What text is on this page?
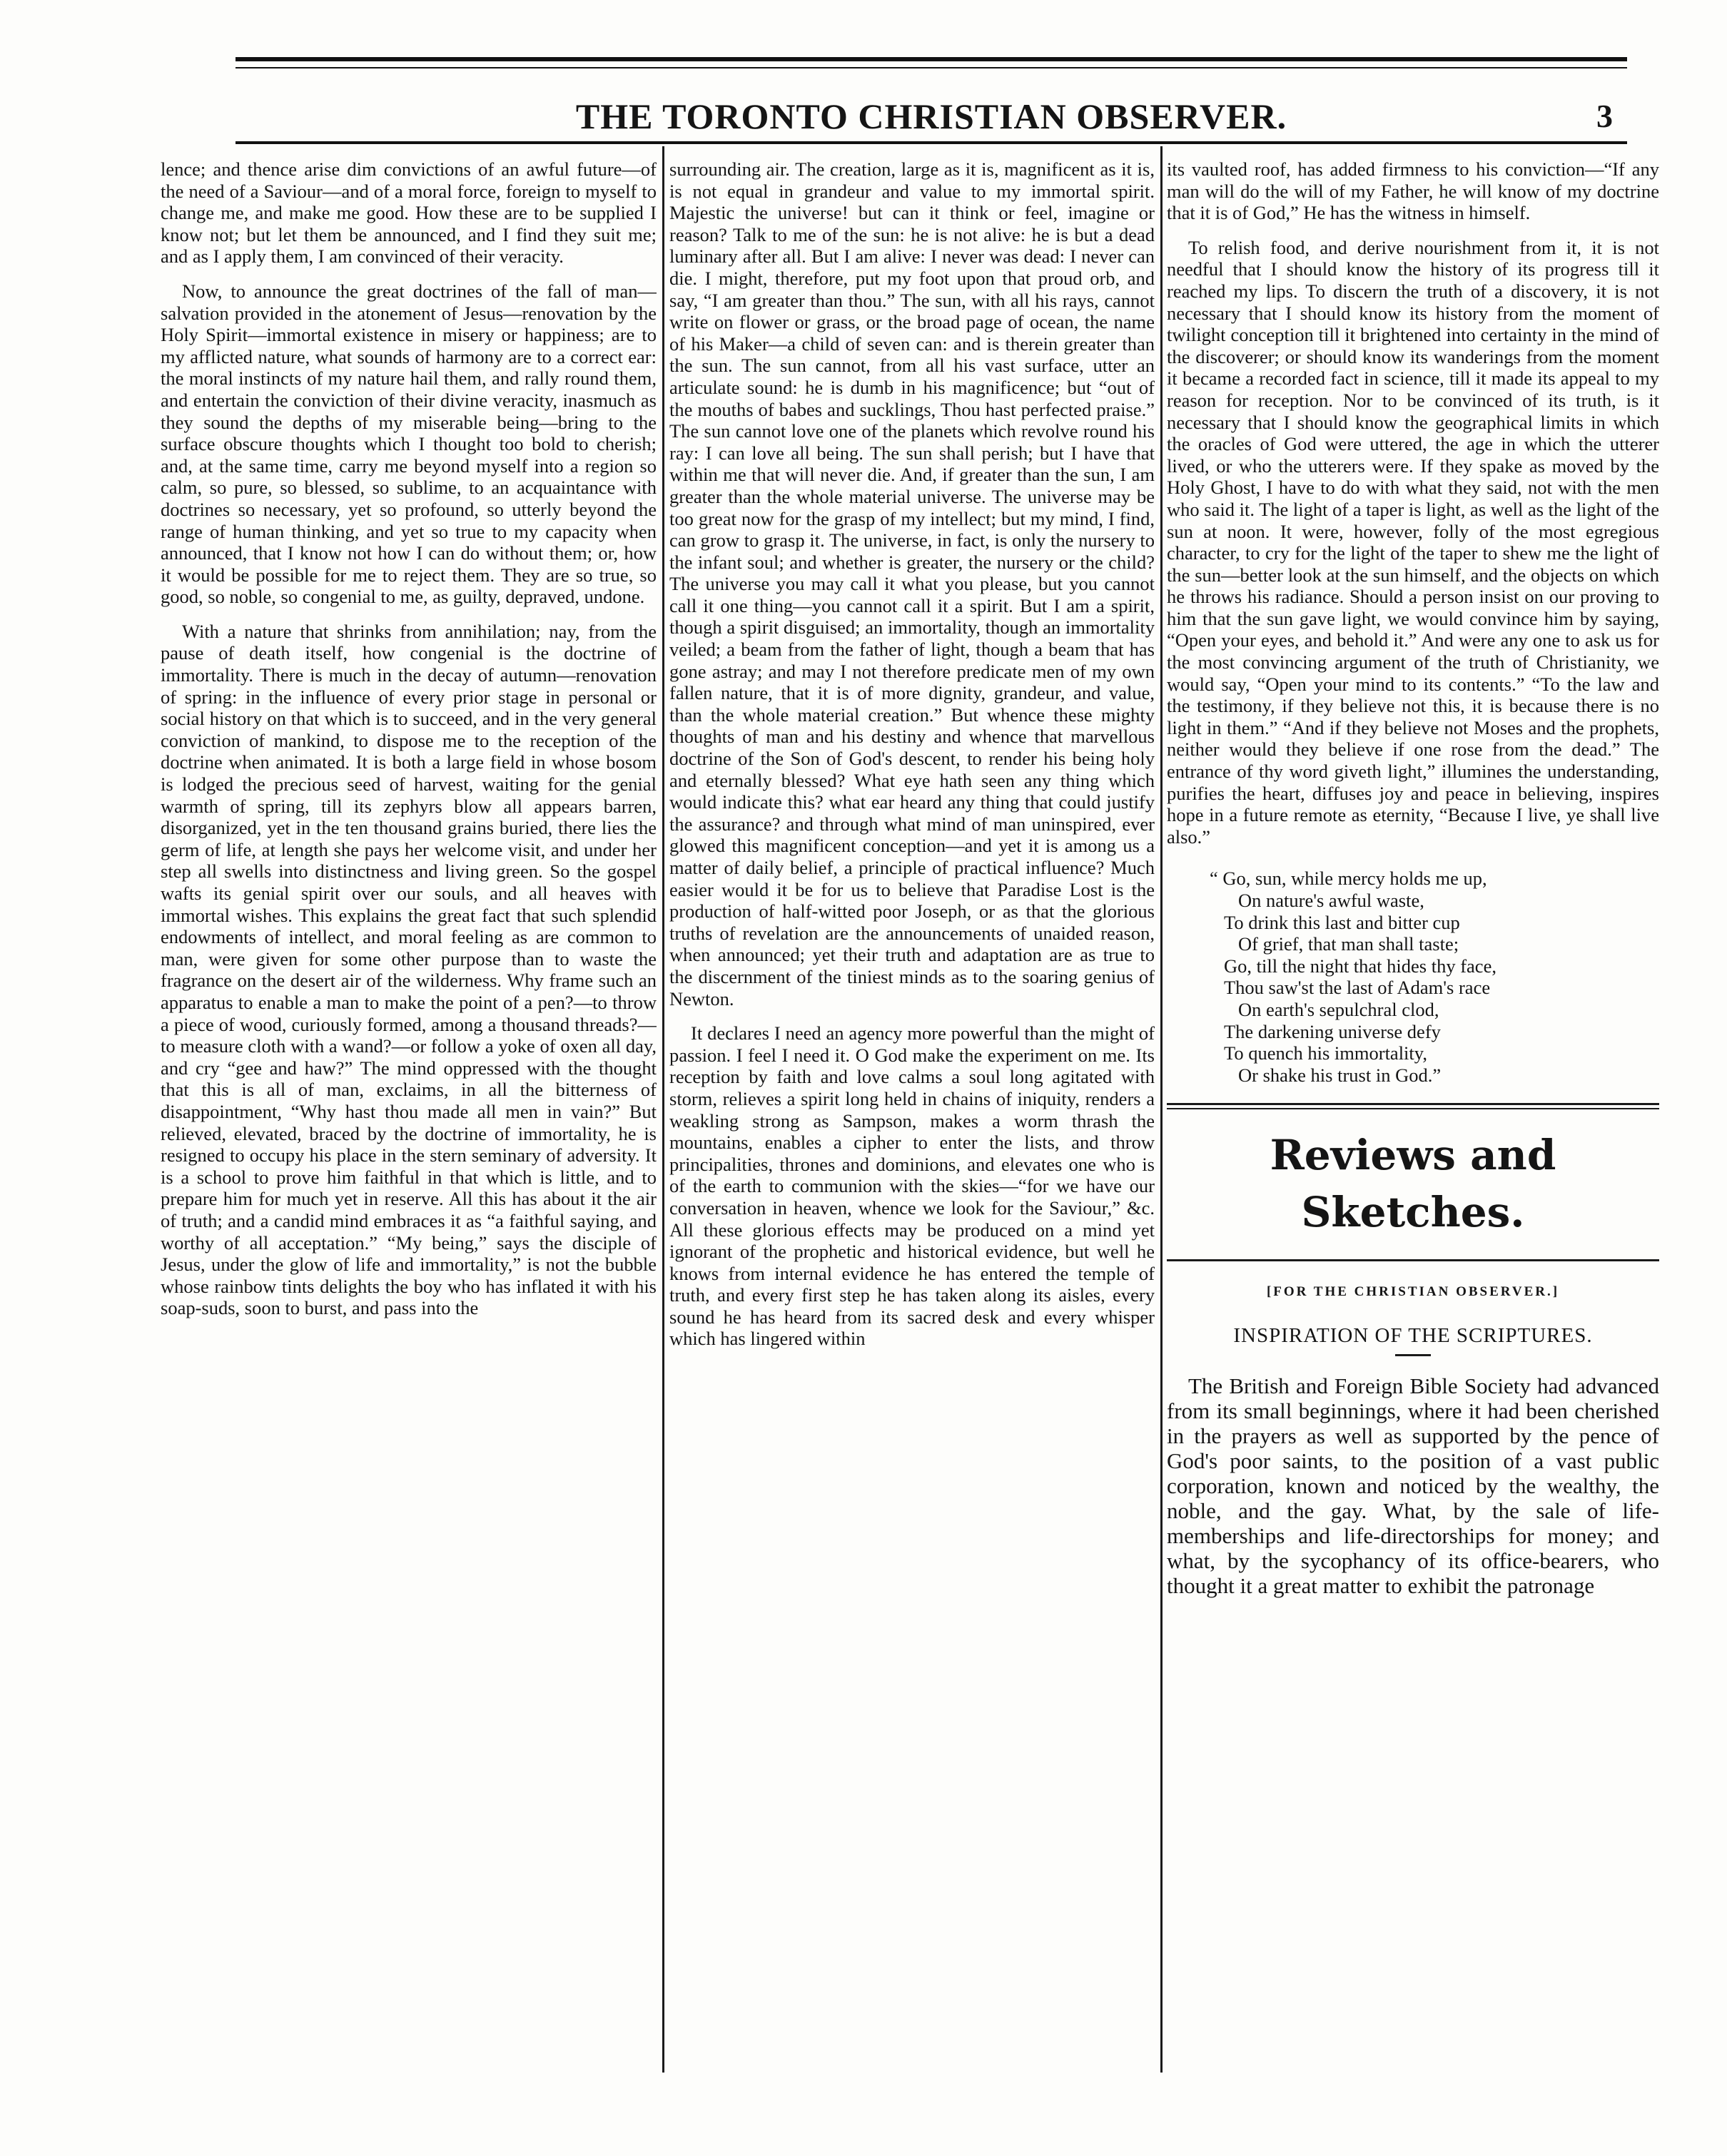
THE TORONTO CHRISTIAN OBSERVER.	3

lence; and thence arise dim convictions of an awful future—of the need of a Saviour—and of a moral force, foreign to myself to change me, and make me good. How these are to be supplied I know not; but let them be announced, and I find they suit me; and as I apply them, I am convinced of their veracity.

Now, to announce the great doctrines of the fall of man—salvation provided in the atonement of Jesus—renovation by the Holy Spirit—immortal existence in misery or happiness; are to my afflicted nature, what sounds of harmony are to a correct ear: the moral instincts of my nature hail them, and rally round them, and entertain the conviction of their divine veracity, inasmuch as they sound the depths of my miserable being—bring to the surface obscure thoughts which I thought too bold to cherish; and, at the same time, carry me beyond myself into a region so calm, so pure, so blessed, so sublime, to an acquaintance with doctrines so necessary, yet so profound, so utterly beyond the range of human thinking, and yet so true to my capacity when announced, that I know not how I can do without them; or, how it would be possible for me to reject them. They are so true, so good, so noble, so congenial to me, as guilty, depraved, undone.

With a nature that shrinks from annihilation; nay, from the pause of death itself, how congenial is the doctrine of immortality. There is much in the decay of autumn—renovation of spring: in the influence of every prior stage in personal or social history on that which is to succeed, and in the very general conviction of mankind, to dispose me to the reception of the doctrine when animated. It is both a large field in whose bosom is lodged the precious seed of harvest, waiting for the genial warmth of spring, till its zephyrs blow all appears barren, disorganized, yet in the ten thousand grains buried, there lies the germ of life, at length she pays her welcome visit, and under her step all swells into distinctness and living green. So the gospel wafts its genial spirit over our souls, and all heaves with immortal wishes. This explains the great fact that such splendid endowments of intellect, and moral feeling as are common to man, were given for some other purpose than to waste the fragrance on the desert air of the wilderness. Why frame such an apparatus to enable a man to make the point of a pen?—to throw a piece of wood, curiously formed, among a thousand threads?—to measure cloth with a wand?—or follow a yoke of oxen all day, and cry “gee and haw?” The mind oppressed with the thought that this is all of man, exclaims, in all the bitterness of disappointment, “Why hast thou made all men in vain?” But relieved, elevated, braced by the doctrine of immortality, he is resigned to occupy his place in the stern seminary of adversity. It is a school to prove him faithful in that which is little, and to prepare him for much yet in reserve. All this has about it the air of truth; and a candid mind embraces it as “a faithful saying, and worthy of all acceptation.” “My being,” says the disciple of Jesus, under the glow of life and immortality,” is not the bubble whose rainbow tints delights the boy who has inflated it with his soap-suds, soon to burst, and pass into the

surrounding air. The creation, large as it is, magnificent as it is, is not equal in grandeur and value to my immortal spirit. Majestic the universe! but can it think or feel, imagine or reason? Talk to me of the sun: he is not alive: he is but a dead luminary after all. But I am alive: I never was dead: I never can die. I might, therefore, put my foot upon that proud orb, and say, “I am greater than thou.” The sun, with all his rays, cannot write on flower or grass, or the broad page of ocean, the name of his Maker—a child of seven can: and is therein greater than the sun. The sun cannot, from all his vast surface, utter an articulate sound: he is dumb in his magnificence; but “out of the mouths of babes and sucklings, Thou hast perfected praise.” The sun cannot love one of the planets which revolve round his ray: I can love all being. The sun shall perish; but I have that within me that will never die. And, if greater than the sun, I am greater than the whole material universe. The universe may be too great now for the grasp of my intellect; but my mind, I find, can grow to grasp it. The universe, in fact, is only the nursery to the infant soul; and whether is greater, the nursery or the child? The universe you may call it what you please, but you cannot call it one thing—you cannot call it a spirit. But I am a spirit, though a spirit disguised; an immortality, though an immortality veiled; a beam from the father of light, though a beam that has gone astray; and may I not therefore predicate men of my own fallen nature, that it is of more dignity, grandeur, and value, than the whole material creation.” But whence these mighty thoughts of man and his destiny and whence that marvellous doctrine of the Son of God's descent, to render his being holy and eternally blessed? What eye hath seen any thing which would indicate this? what ear heard any thing that could justify the assurance? and through what mind of man uninspired, ever glowed this magnificent conception—and yet it is among us a matter of daily belief, a principle of practical influence? Much easier would it be for us to believe that Paradise Lost is the production of half-witted poor Joseph, or as that the glorious truths of revelation are the announcements of unaided reason, when announced; yet their truth and adaptation are as true to the discernment of the tiniest minds as to the soaring genius of Newton.

It declares I need an agency more powerful than the might of passion. I feel I need it. O God make the experiment on me. Its reception by faith and love calms a soul long agitated with storm, relieves a spirit long held in chains of iniquity, renders a weakling strong as Sampson, makes a worm thrash the mountains, enables a cipher to enter the lists, and throw principalities, thrones and dominions, and elevates one who is of the earth to communion with the skies—“for we have our conversation in heaven, whence we look for the Saviour,” &c. All these glorious effects may be produced on a mind yet ignorant of the prophetic and historical evidence, but well he knows from internal evidence he has entered the temple of truth, and every first step he has taken along its aisles, every sound he has heard from its sacred desk and every whisper which has lingered within

its vaulted roof, has added firmness to his conviction—“If any man will do the will of my Father, he will know of my doctrine that it is of God,” He has the witness in himself.

To relish food, and derive nourishment from it, it is not needful that I should know the history of its progress till it reached my lips. To discern the truth of a discovery, it is not necessary that I should know its history from the moment of twilight conception till it brightened into certainty in the mind of the discoverer; or should know its wanderings from the moment it became a recorded fact in science, till it made its appeal to my reason for reception. Nor to be convinced of its truth, is it necessary that I should know the geographical limits in which the oracles of God were uttered, the age in which the utterer lived, or who the utterers were. If they spake as moved by the Holy Ghost, I have to do with what they said, not with the men who said it. The light of a taper is light, as well as the light of the sun at noon. It were, however, folly of the most egregious character, to cry for the light of the taper to shew me the light of the sun—better look at the sun himself, and the objects on which he throws his radiance. Should a person insist on our proving to him that the sun gave light, we would convince him by saying, “Open your eyes, and behold it.” And were any one to ask us for the most convincing argument of the truth of Christianity, we would say, “Open your mind to its contents.” “To the law and the testimony, if they believe not this, it is because there is no light in them.” “And if they believe not Moses and the prophets, neither would they believe if one rose from the dead.” The entrance of thy word giveth light,” illumines the understanding, purifies the heart, diffuses joy and peace in believing, inspires hope in a future remote as eternity, “Because I live, ye shall live also.”

“ Go, sun, while mercy holds me up,
On nature's awful waste,
To drink this last and bitter cup
Of grief, that man shall taste;
Go, till the night that hides thy face,
Thou saw'st the last of Adam's race
On earth's sepulchral clod,
The darkening universe defy
To quench his immortality,
Or shake his trust in God.”
Reviews and Sketches.
[FOR THE CHRISTIAN OBSERVER.]
INSPIRATION OF THE SCRIPTURES.

The British and Foreign Bible Society had advanced from its small beginnings, where it had been cherished in the prayers as well as supported by the pence of God's poor saints, to the position of a vast public corporation, known and noticed by the wealthy, the noble, and the gay. What, by the sale of life-memberships and life-directorships for money; and what, by the sycophancy of its office-bearers, who thought it a great matter to exhibit the patronage
